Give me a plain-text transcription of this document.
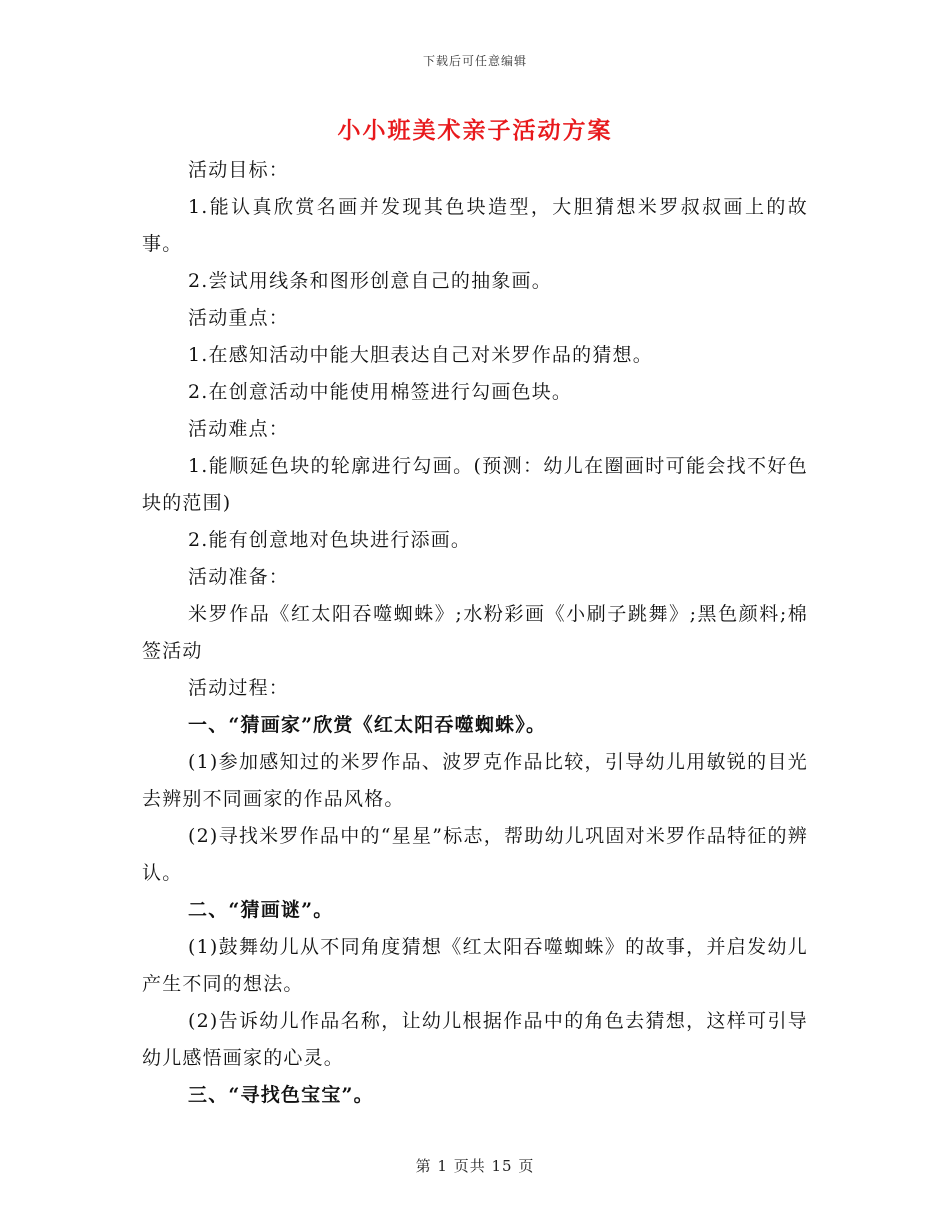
下载后可任意编辑
小小班美术亲子活动方案

活动目标：

1.能认真欣赏名画并发现其色块造型，大胆猜想米罗叔叔画上的故事。

2.尝试用线条和图形创意自己的抽象画。

活动重点：

1.在感知活动中能大胆表达自己对米罗作品的猜想。

2.在创意活动中能使用棉签进行勾画色块。

活动难点：

1.能顺延色块的轮廓进行勾画。(预测：幼儿在圈画时可能会找不好色块的范围)

2.能有创意地对色块进行添画。

活动准备：

米罗作品《红太阳吞噬蜘蛛》;水粉彩画《小刷子跳舞》;黑色颜料;棉签活动

活动过程：

一、“猜画家”欣赏《红太阳吞噬蜘蛛》。

(1)参加感知过的米罗作品、波罗克作品比较，引导幼儿用敏锐的目光去辨别不同画家的作品风格。

(2)寻找米罗作品中的“星星”标志，帮助幼儿巩固对米罗作品特征的辨认。

二、“猜画谜”。

(1)鼓舞幼儿从不同角度猜想《红太阳吞噬蜘蛛》的故事，并启发幼儿产生不同的想法。

(2)告诉幼儿作品名称，让幼儿根据作品中的角色去猜想，这样可引导幼儿感悟画家的心灵。

三、“寻找色宝宝”。

第 1 页共 15 页
